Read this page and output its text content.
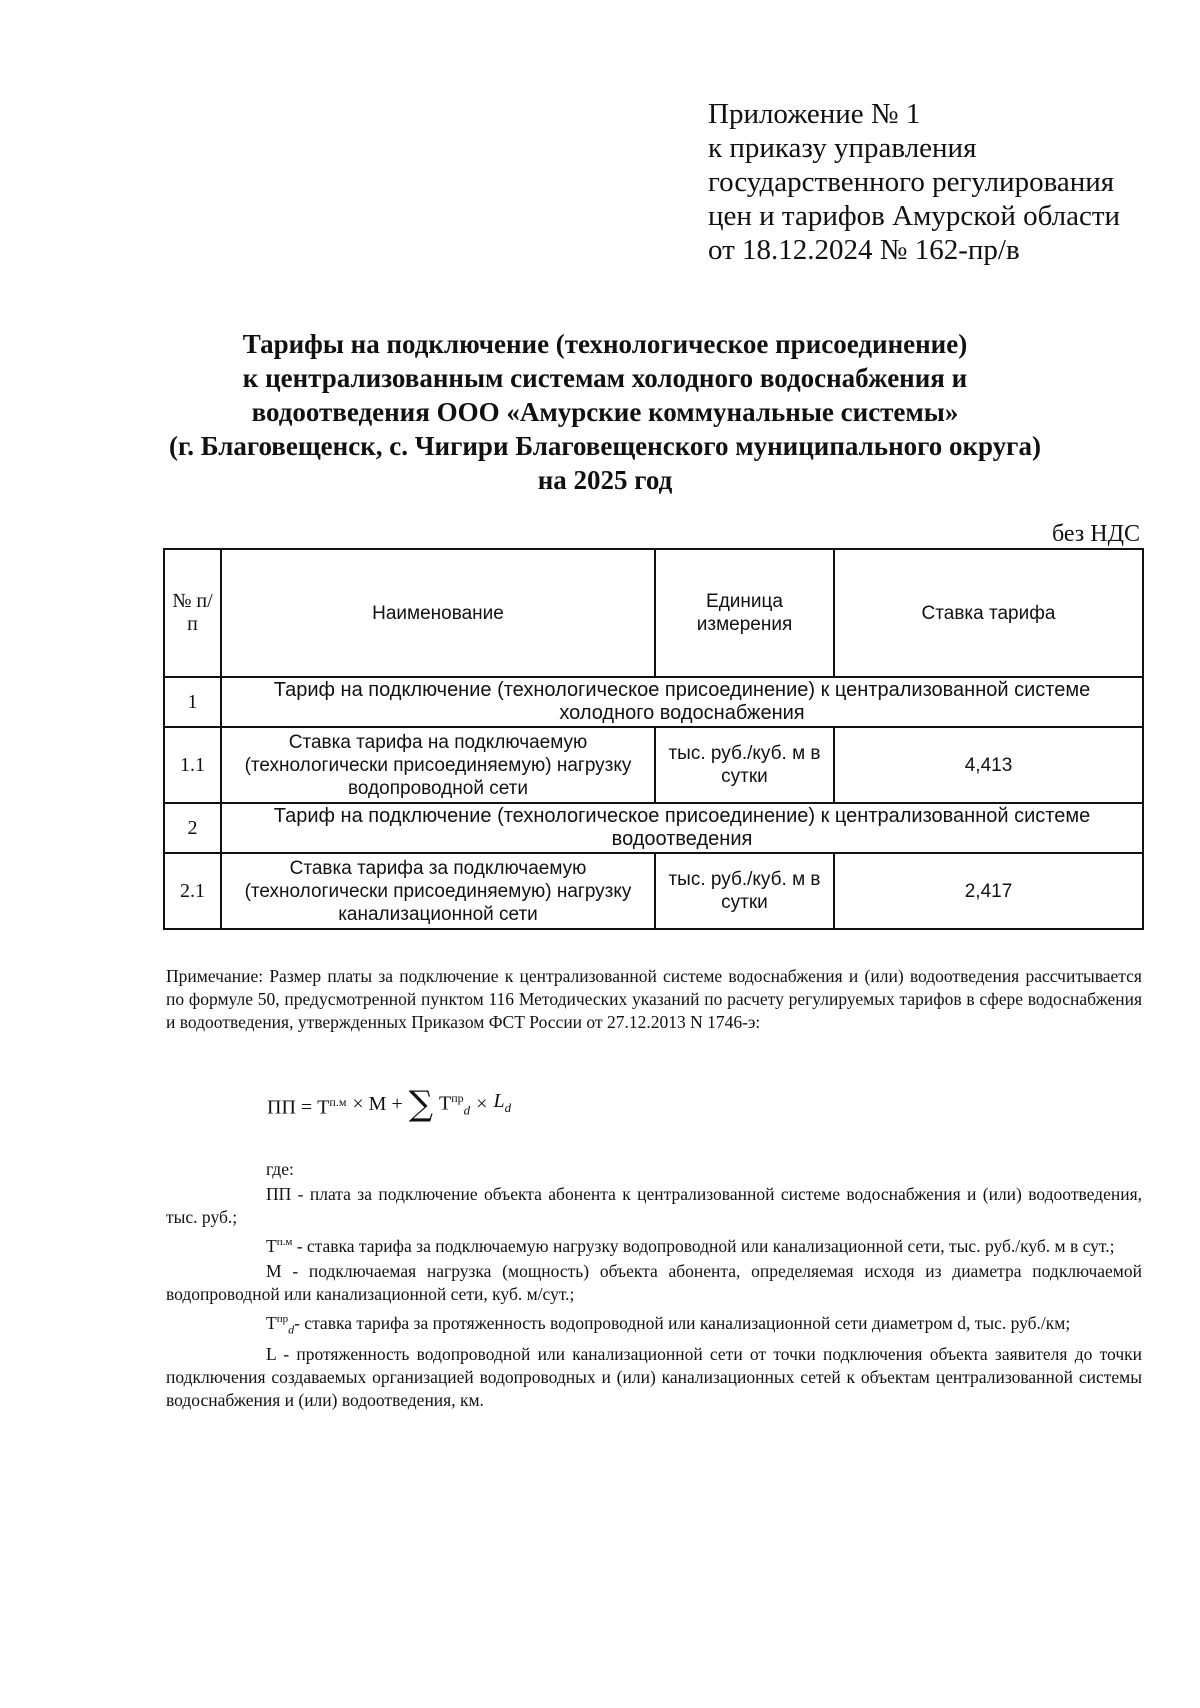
Приложение № 1
к приказу управления
государственного регулирования
цен и тарифов Амурской области
от 18.12.2024 № 162-пр/в
Тарифы на подключение (технологическое присоединение)
к централизованным системам холодного водоснабжения и
водоотведения ООО «Амурские коммунальные системы»
(г. Благовещенск, с. Чигири Благовещенского муниципального округа)
на 2025 год
без НДС
№ п/п	Наименование	Единица измерения	Ставка тарифа
1	Тариф на подключение (технологическое присоединение) к централизованной системе холодного водоснабжения		
1.1	Ставка тарифа на подключаемую (технологически присоединяемую) нагрузку водопроводной сети	тыс. руб./куб. м в сутки	4,413
2	Тариф на подключение (технологическое присоединение) к централизованной системе водоотведения		
2.1	Ставка тарифа за подключаемую (технологически присоединяемую) нагрузку канализационной сети	тыс. руб./куб. м в сутки	2,417
Примечание: Размер платы за подключение к централизованной системе водоснабжения и (или) водоотведения рассчитывается по формуле 50, предусмотренной пунктом 116 Методических указаний по расчету регулируемых тарифов в сфере водоснабжения и водоотведения, утвержденных Приказом ФСТ России от 27.12.2013 N 1746-э:
ПП = $Т^{п.м} \times М$ + ∑ $Т^{пр}_d \times L_d$
где:

ПП - плата за подключение объекта абонента к централизованной системе водоснабжения и (или) водоотведения, тыс. руб.;

$Т^{п.м}$ - ставка тарифа за подключаемую нагрузку водопроводной или канализационной сети, тыс. руб./куб. м в сут.;

М - подключаемая нагрузка (мощность) объекта абонента, определяемая исходя из диаметра подключаемой водопроводной или канализационной сети, куб. м/сут.;

$Т^{пр}_d-$ ставка тарифа за протяженность водопроводной или канализационной сети диаметром d, тыс. руб./км;

L - протяженность водопроводной или канализационной сети от точки подключения объекта заявителя до точки подключения создаваемых организацией водопроводных и (или) канализационных сетей к объектам централизованной системы водоснабжения и (или) водоотведения, км.
